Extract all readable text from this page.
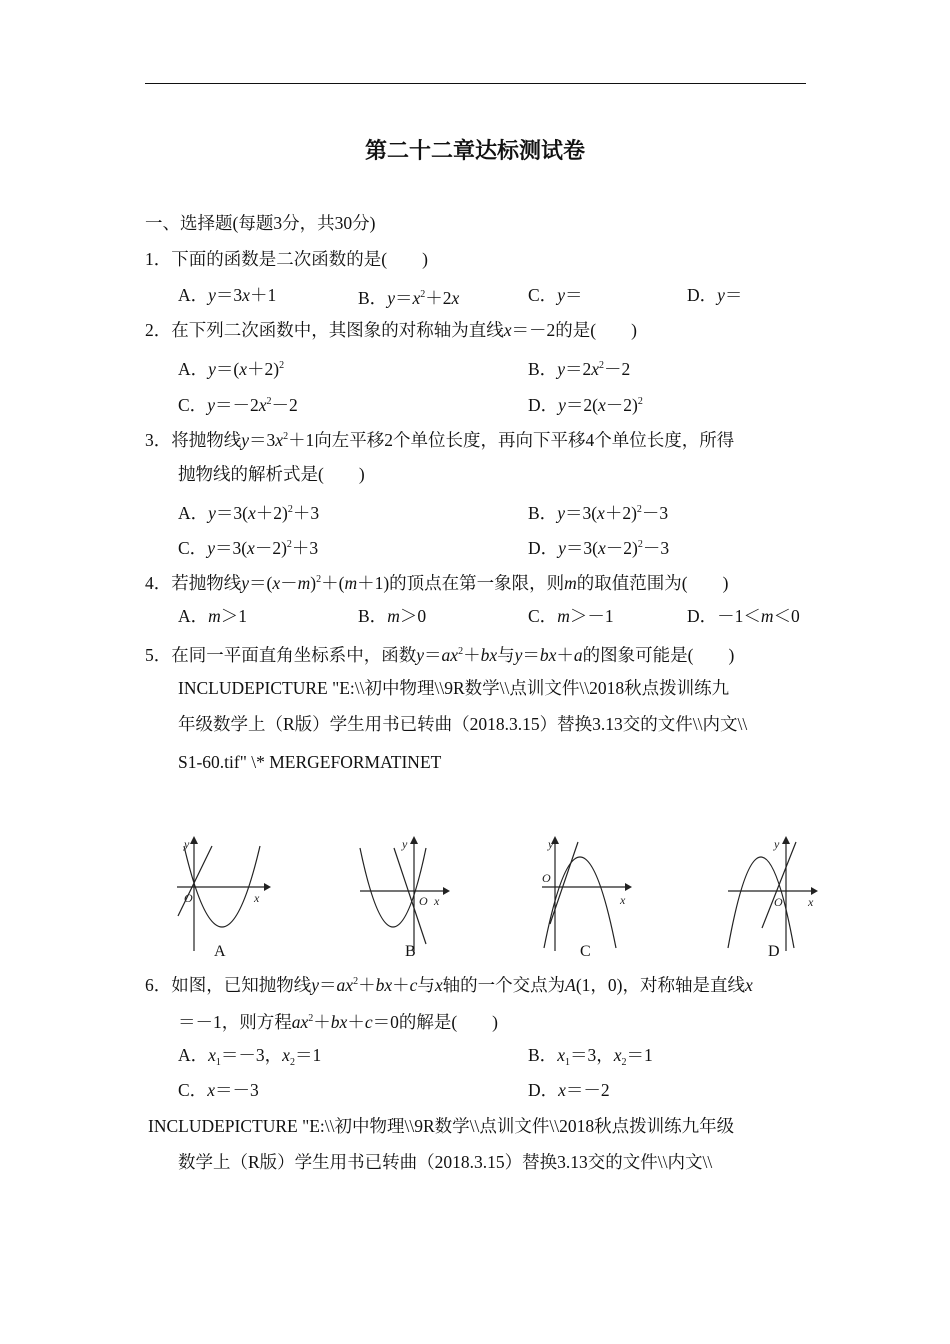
第二十二章达标测试卷
一、选择题(每题3分，共30分)
1．下面的函数是二次函数的是(　　)
A．y＝3x＋1	B．$y=x^2+2x$	C．y＝	D．y＝
2．在下列二次函数中，其图象的对称轴为直线x＝－2的是(　　)
A．$y=(x+2)^2$	B．$y=2x^2-2$
C．$y=-2x^2-2$	D．$y=2(x-2)^2$
3．将抛物线$y=3x^2+1$向左平移2个单位长度，再向下平移4个单位长度，所得
抛物线的解析式是(　　)
A．$y=3(x+2)^2+3$	B．$y=3(x+2)^2-3$
C．$y=3(x-2)^2+3$	D．$y=3(x-2)^2-3$
4．若抛物线$y=(x-m)^2+(m+1)$的顶点在第一象限，则m的取值范围为(　　)
A．m＞1	B．m＞0	C．m＞－1	D．－1＜m＜0
5．在同一平面直角坐标系中，函数$y=ax^2+bx$与y＝bx＋a的图象可能是(　　)
INCLUDEPICTURE "E:\\初中物理\\9R数学\\点训文件\\2018秋点拨训练九
年级数学上（R版）学生用书已转曲（2018.3.15）替换3.13交的文件\\内文\\
S1-60.tif" \* MERGEFORMATINET
y
O	x
y
O x
y
O
x
y
O x
A	B	C	D
6．如图，已知抛物线$y=ax^2+bx+c$与x轴的一个交点为A(1，0)，对称轴是直线x
＝－1，则方程$ax^2+bx+c=0$的解是(　　)
A．$x_1=-3$，$x_2=1$	B．$x_1=3$，$x_2=1$
C．x＝－3	D．x＝－2
INCLUDEPICTURE "E:\\初中物理\\9R数学\\点训文件\\2018秋点拨训练九年级
数学上（R版）学生用书已转曲（2018.3.15）替换3.13交的文件\\内文\\
